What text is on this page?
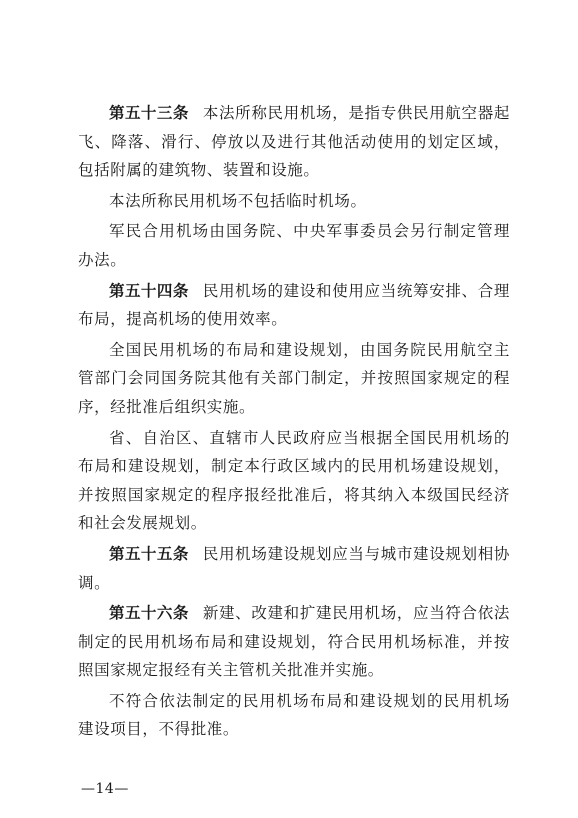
第五十三条 本法所称民用机场，是指专供民用航空器起飞、降落、滑行、停放以及进行其他活动使用的划定区域，包括附属的建筑物、装置和设施。

本法所称民用机场不包括临时机场。

军民合用机场由国务院、中央军事委员会另行制定管理办法。

第五十四条 民用机场的建设和使用应当统筹安排、合理布局，提高机场的使用效率。

全国民用机场的布局和建设规划，由国务院民用航空主管部门会同国务院其他有关部门制定，并按照国家规定的程序，经批准后组织实施。

省、自治区、直辖市人民政府应当根据全国民用机场的布局和建设规划，制定本行政区域内的民用机场建设规划，并按照国家规定的程序报经批准后，将其纳入本级国民经济和社会发展规划。

第五十五条 民用机场建设规划应当与城市建设规划相协调。

第五十六条 新建、改建和扩建民用机场，应当符合依法制定的民用机场布局和建设规划，符合民用机场标准，并按照国家规定报经有关主管机关批准并实施。

不符合依法制定的民用机场布局和建设规划的民用机场建设项目，不得批准。

—14—
